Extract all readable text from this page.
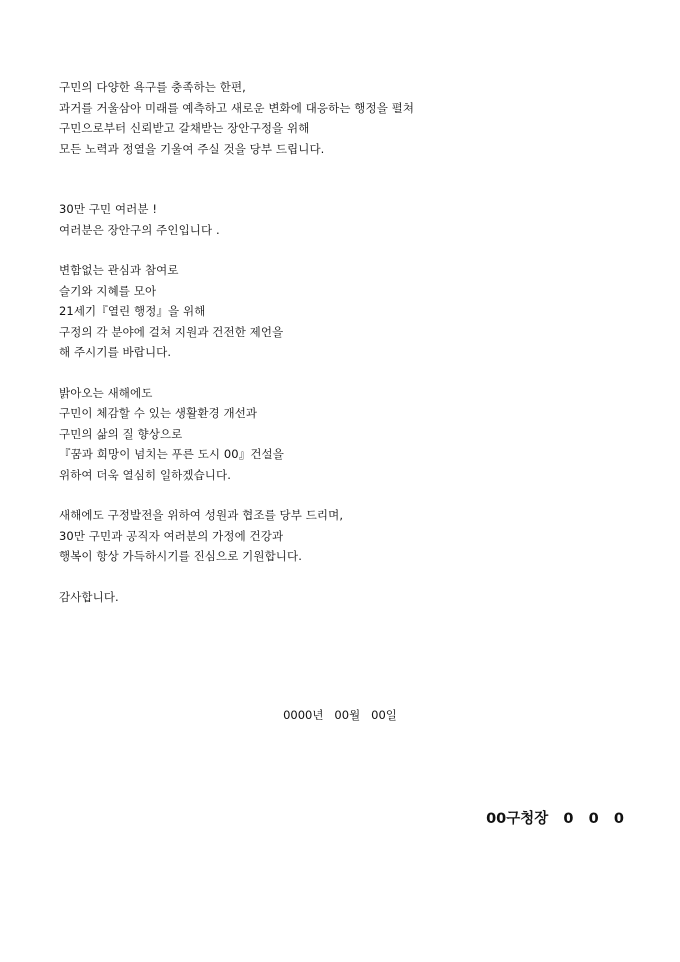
구민의 다양한 욕구를 충족하는 한편,
과거를 거울삼아 미래를 예측하고 새로운 변화에 대응하는 행정을 펼쳐
구민으로부터 신뢰받고 갈채받는 장안구정을 위해
모든 노력과 정열을 기울여 주실 것을 당부 드립니다.
30만 구민 여러분 !
여러분은 장안구의 주인입니다 .
변함없는 관심과 참여로
슬기와 지혜를 모아
21세기『열린 행정』을 위해
구정의 각 분야에 걸쳐 지원과 건전한 제언을
해 주시기를 바랍니다.
밝아오는 새해에도
구민이 체감할 수 있는 생활환경 개선과
구민의 삶의 질 향상으로
『꿈과 희망이 넘치는 푸른 도시 00』건설을
위하여 더욱 열심히 일하겠습니다.
새해에도 구정발전을 위하여 성원과 협조를 당부 드리며,
30만 구민과 공직자 여러분의 가정에 건강과
행복이 항상 가득하시기를 진심으로 기원합니다.
감사합니다.
0000년   00월   00일
00구청장   0   0   0
